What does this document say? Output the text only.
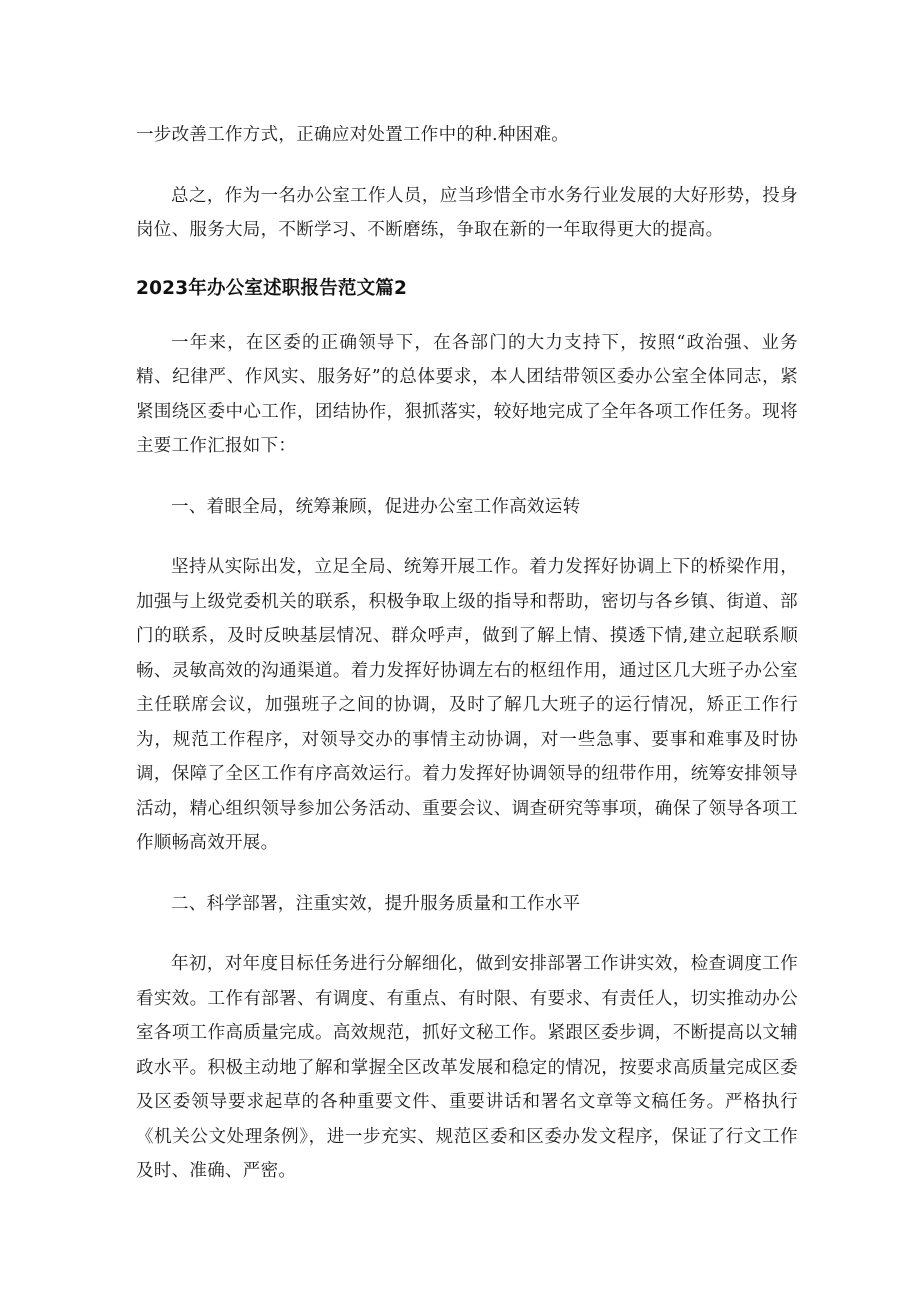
一步改善工作方式，正确应对处置工作中的种.种困难。

总之，作为一名办公室工作人员，应当珍惜全市水务行业发展的大好形势，投身岗位、服务大局，不断学习、不断磨练，争取在新的一年取得更大的提高。

2023年办公室述职报告范文篇2

一年来，在区委的正确领导下，在各部门的大力支持下，按照“政治强、业务精、纪律严、作风实、服务好”的总体要求，本人团结带领区委办公室全体同志，紧紧围绕区委中心工作，团结协作，狠抓落实，较好地完成了全年各项工作任务。现将主要工作汇报如下：

一、着眼全局，统筹兼顾，促进办公室工作高效运转

坚持从实际出发，立足全局、统筹开展工作。着力发挥好协调上下的桥梁作用，加强与上级党委机关的联系，积极争取上级的指导和帮助，密切与各乡镇、街道、部门的联系，及时反映基层情况、群众呼声，做到了解上情、摸透下情,建立起联系顺畅、灵敏高效的沟通渠道。着力发挥好协调左右的枢纽作用，通过区几大班子办公室主任联席会议，加强班子之间的协调，及时了解几大班子的运行情况，矫正工作行为，规范工作程序，对领导交办的事情主动协调，对一些急事、要事和难事及时协调，保障了全区工作有序高效运行。着力发挥好协调领导的纽带作用，统筹安排领导活动，精心组织领导参加公务活动、重要会议、调查研究等事项，确保了领导各项工作顺畅高效开展。

二、科学部署，注重实效，提升服务质量和工作水平

年初，对年度目标任务进行分解细化，做到安排部署工作讲实效，检查调度工作看实效。工作有部署、有调度、有重点、有时限、有要求、有责任人，切实推动办公室各项工作高质量完成。高效规范，抓好文秘工作。紧跟区委步调，不断提高以文辅政水平。积极主动地了解和掌握全区改革发展和稳定的情况，按要求高质量完成区委及区委领导要求起草的各种重要文件、重要讲话和署名文章等文稿任务。严格执行《机关公文处理条例》，进一步充实、规范区委和区委办发文程序，保证了行文工作及时、准确、严密。
